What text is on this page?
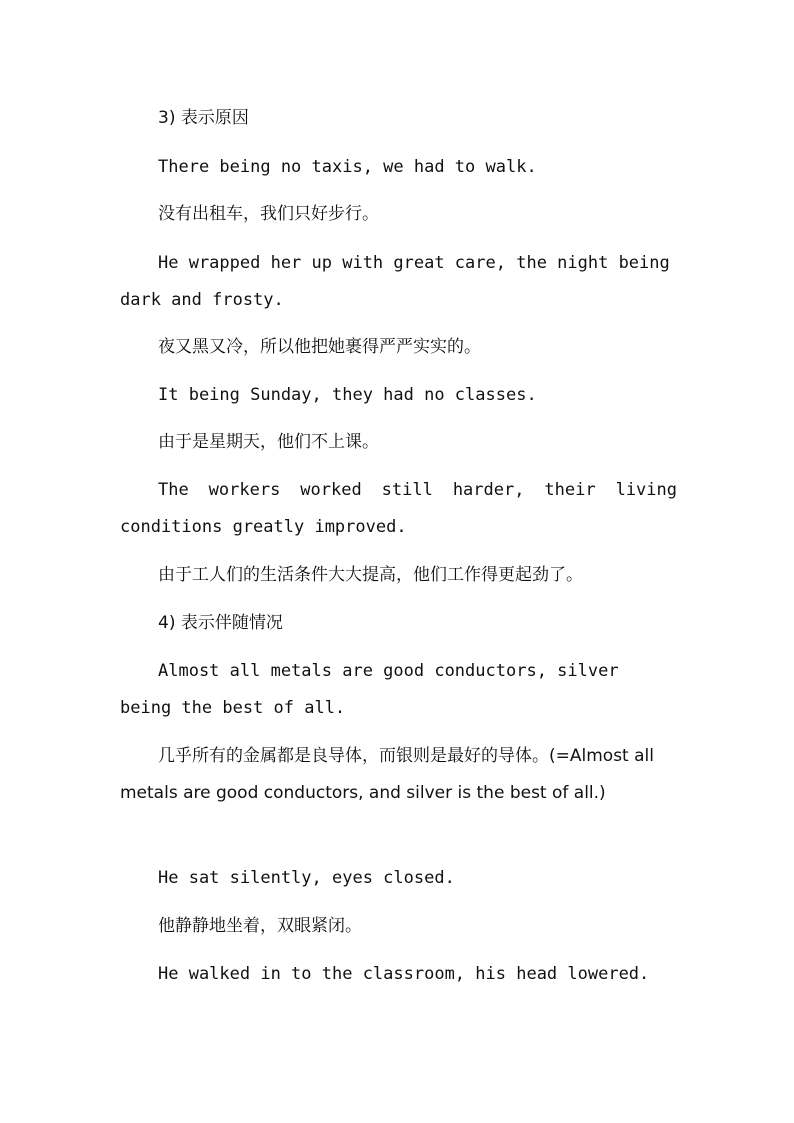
3) 表示原因

There being no taxis, we had to walk.

没有出租车，我们只好步行。

He wrapped her up with great care, the night being dark and frosty.

夜又黑又冷，所以他把她裹得严严实实的。

It being Sunday, they had no classes.

由于是星期天，他们不上课。

The workers worked still harder, their living conditions greatly improved.

由于工人们的生活条件大大提高，他们工作得更起劲了。

4) 表示伴随情况

Almost all metals are good conductors, silver being the best of all.

几乎所有的金属都是良导体，而银则是最好的导体。(=Almost all metals are good conductors, and silver is the best of all.)

He sat silently, eyes closed.

他静静地坐着，双眼紧闭。

He walked in to the classroom, his head lowered.
